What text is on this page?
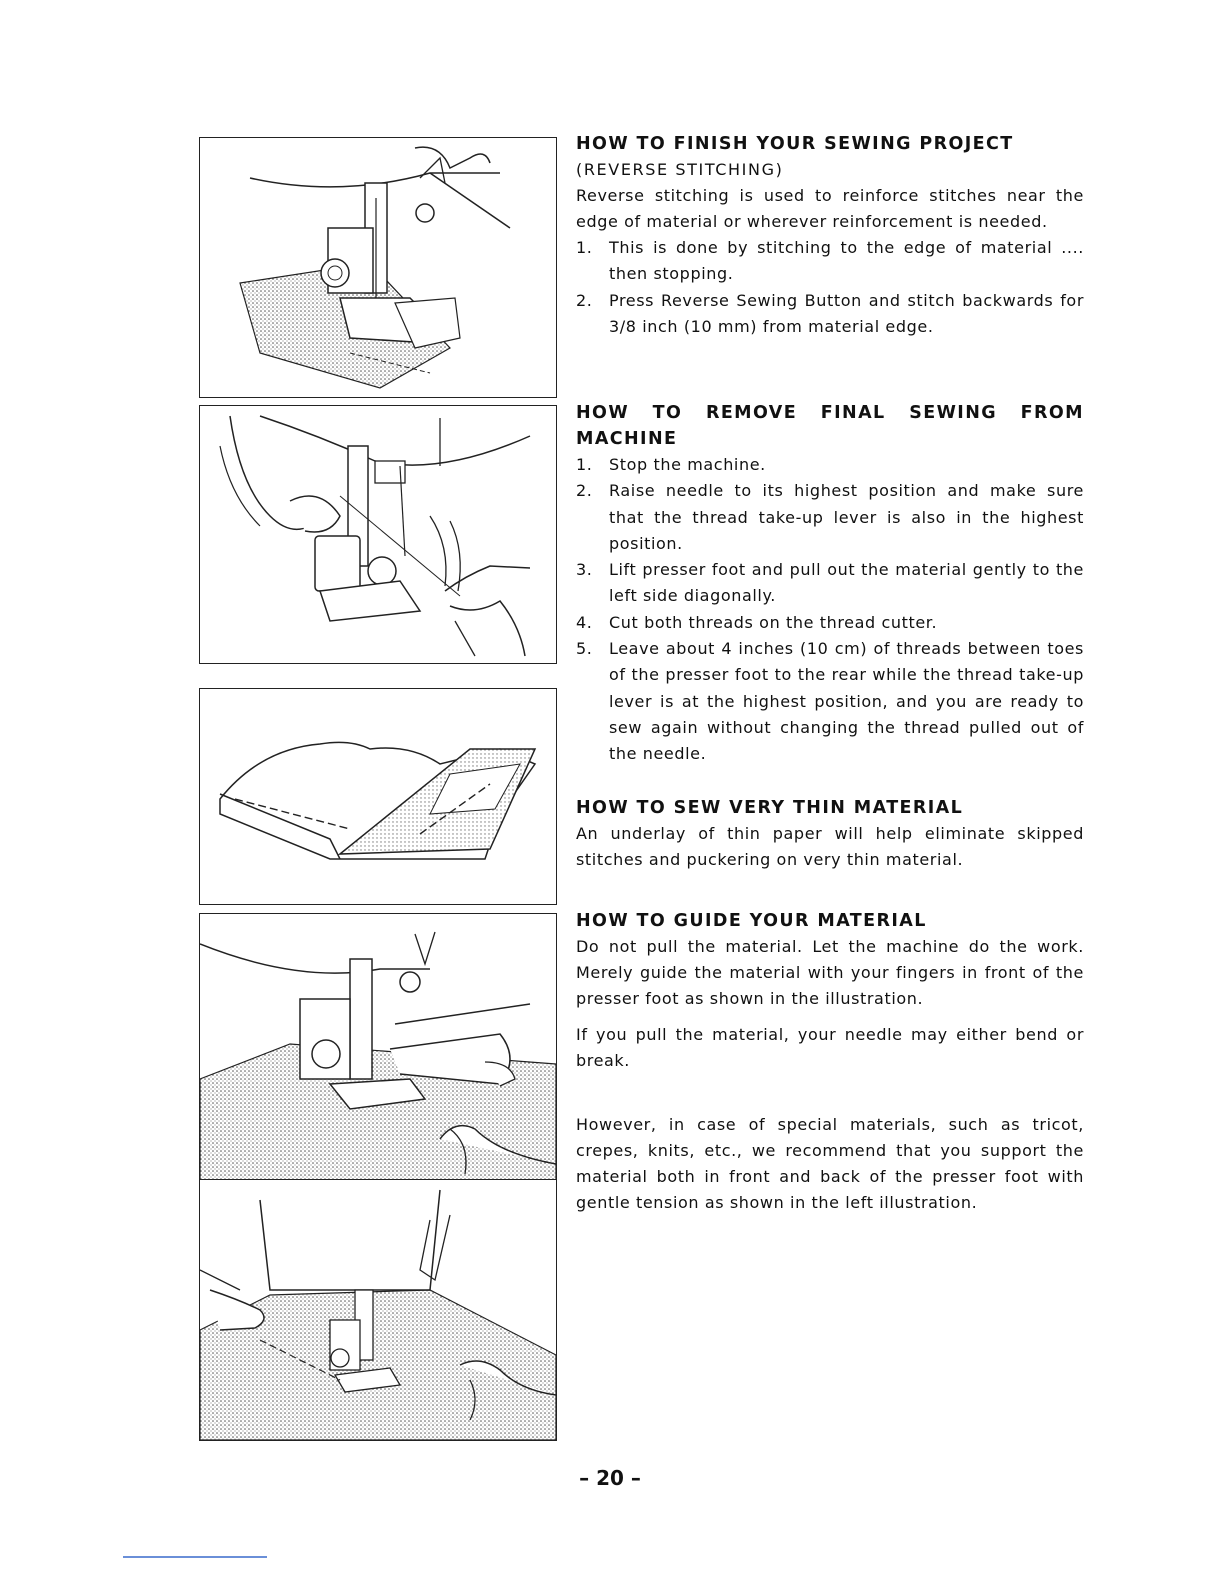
HOW TO FINISH YOUR SEWING PROJECT

(REVERSE STITCHING)

Reverse stitching is used to reinforce stitches near the edge of material or wherever reinforcement is needed.

1. This is done by stitching to the edge of material .... then stopping.
2. Press Reverse Sewing Button and stitch backwards for 3/8 inch (10 mm) from material edge.

HOW TO REMOVE FINAL SEWING FROM

MACHINE

1. Stop the machine.
2. Raise needle to its highest position and make sure that the thread take-up lever is also in the highest position.
3. Lift presser foot and pull out the material gently to the left side diagonally.
4. Cut both threads on the thread cutter.
5. Leave about 4 inches (10 cm) of threads between toes of the presser foot to the rear while the thread take-up lever is at the highest position, and you are ready to sew again without changing the thread pulled out of the needle.

HOW TO SEW VERY THIN MATERIAL

An underlay of thin paper will help eliminate skipped stitches and puckering on very thin material.

HOW TO GUIDE YOUR MATERIAL

Do not pull the material. Let the machine do the work. Merely guide the material with your fingers in front of the presser foot as shown in the illustration.

If you pull the material, your needle may either bend or break.

However, in case of special materials, such as tricot, crepes, knits, etc., we recommend that you support the material both in front and back of the presser foot with gentle tension as shown in the left illustration.

– 20 –
